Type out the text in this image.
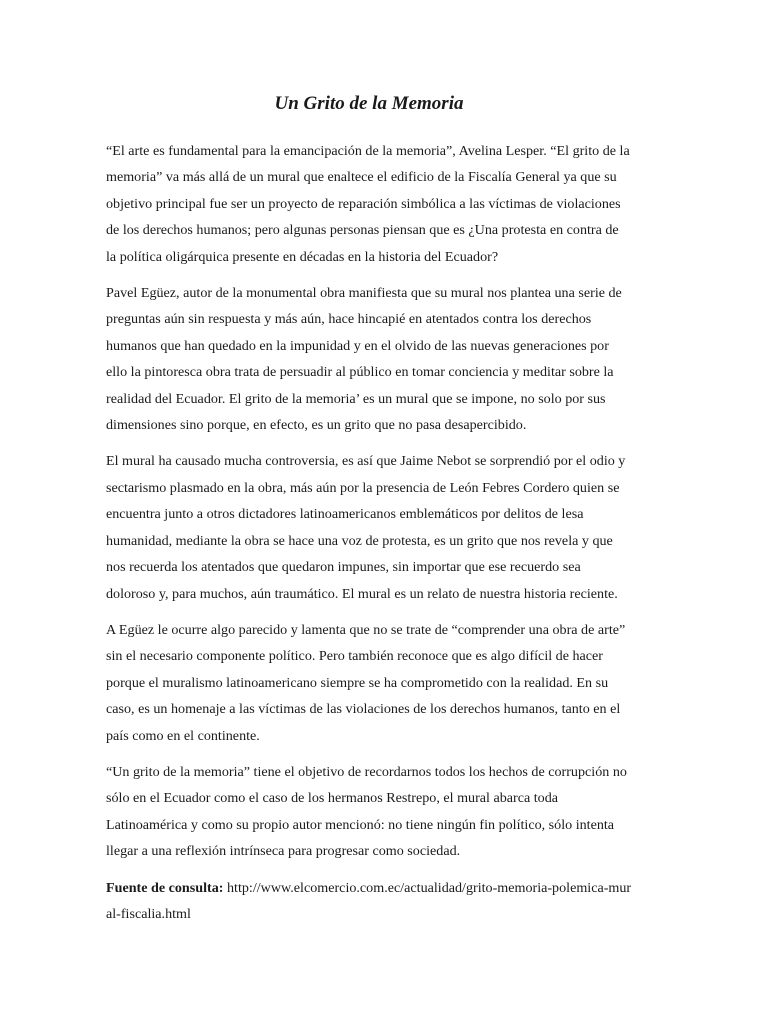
Un Grito de la Memoria

“El arte es fundamental para la emancipación de la memoria”, Avelina Lesper. “El grito de la memoria” va más allá de un mural que enaltece el edificio de la Fiscalía General ya que su objetivo principal fue ser un proyecto de reparación simbólica a las víctimas de violaciones de los derechos humanos; pero algunas personas piensan que es ¿Una protesta en contra de la política oligárquica presente en décadas en la historia del Ecuador?

Pavel Egüez, autor de la monumental obra manifiesta que su mural nos plantea una serie de preguntas aún sin respuesta y más aún, hace hincapié en atentados contra los derechos humanos que han quedado en la impunidad y en el olvido de las nuevas generaciones por ello la pintoresca obra trata de persuadir al público en tomar conciencia y meditar sobre la realidad del Ecuador. El grito de la memoria’ es un mural que se impone, no solo por sus dimensiones sino porque, en efecto, es un grito que no pasa desapercibido.

El mural ha causado mucha controversia, es así que Jaime Nebot se sorprendió por el odio y sectarismo plasmado en la obra, más aún por la presencia de León Febres Cordero quien se encuentra junto a otros dictadores latinoamericanos emblemáticos por delitos de lesa humanidad, mediante la obra se hace una voz de protesta, es un grito que nos revela y que nos recuerda los atentados que quedaron impunes, sin importar que ese recuerdo sea doloroso y, para muchos, aún traumático. El mural es un relato de nuestra historia reciente.

A Egüez le ocurre algo parecido y lamenta que no se trate de “comprender una obra de arte” sin el necesario componente político. Pero también reconoce que es algo difícil de hacer porque el muralismo latinoamericano siempre se ha comprometido con la realidad. En su caso, es un homenaje a las víctimas de las violaciones de los derechos humanos, tanto en el país como en el continente.

“Un grito de la memoria” tiene el objetivo de recordarnos todos los hechos de corrupción no sólo en el Ecuador como el caso de los hermanos Restrepo, el mural abarca toda Latinoamérica y como su propio autor mencionó: no tiene ningún fin político, sólo intenta llegar a una reflexión intrínseca para progresar como sociedad.

Fuente de consulta: http://www.elcomercio.com.ec/actualidad/grito-memoria-polemica-mural-fiscalia.html
